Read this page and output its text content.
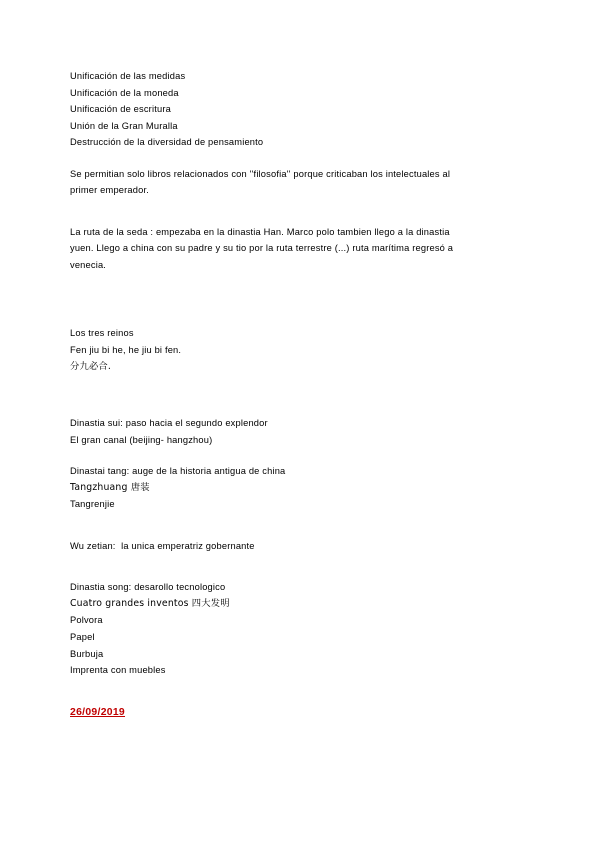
Unificación de las medidas
Unificación de la moneda
Unificación de escritura
Unión de la Gran Muralla
Destrucción de la diversidad de pensamiento
Se permitian solo libros relacionados con ''filosofia'' porque criticaban los intelectuales al
primer emperador.
La ruta de la seda : empezaba en la dinastia Han. Marco polo tambien llego a la dinastia
yuen. Llego a china con su padre y su tio por la ruta terrestre (...) ruta marítima regresó a
venecia.
Los tres reinos
Fen jiu bi he, he jiu bi fen.
分九必合.
Dinastia sui: paso hacia el segundo explendor
El gran canal (beijing- hangzhou)
Dinastai tang: auge de la historia antigua de china
Tangzhuang 唐装
Tangrenjie
Wu zetian:  la unica emperatriz gobernante
Dinastia song: desarollo tecnologico
Cuatro grandes inventos 四大发明
Polvora
Papel
Burbuja
Imprenta con muebles
26/09/2019
